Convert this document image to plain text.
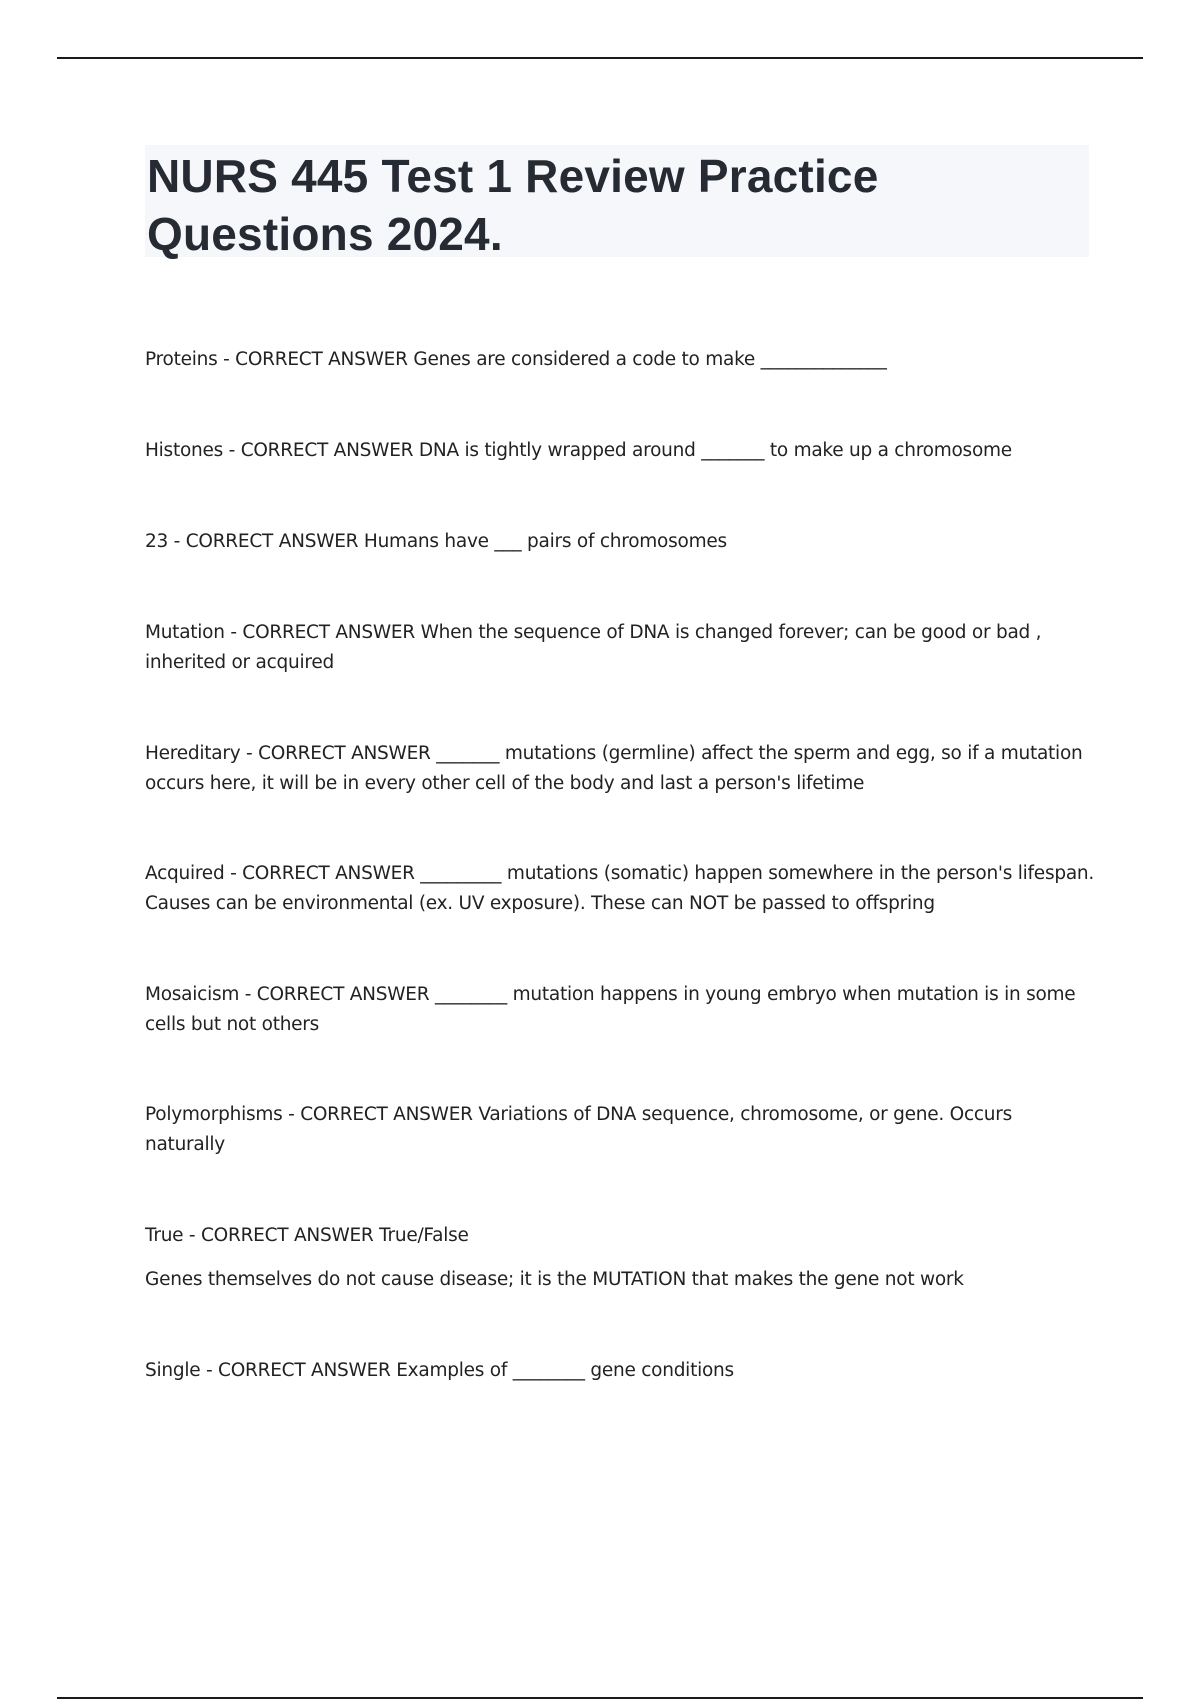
NURS 445 Test 1 Review Practice Questions 2024.

Proteins - CORRECT ANSWER Genes are considered a code to make ______________

Histones - CORRECT ANSWER DNA is tightly wrapped around _______ to make up a chromosome

23 - CORRECT ANSWER Humans have ___ pairs of chromosomes

Mutation - CORRECT ANSWER When the sequence of DNA is changed forever; can be good or bad , inherited or acquired

Hereditary - CORRECT ANSWER _______ mutations (germline) affect the sperm and egg, so if a mutation occurs here, it will be in every other cell of the body and last a person's lifetime

Acquired - CORRECT ANSWER _________ mutations (somatic) happen somewhere in the person's lifespan. Causes can be environmental (ex. UV exposure). These can NOT be passed to offspring

Mosaicism - CORRECT ANSWER ________ mutation happens in young embryo when mutation is in some cells but not others

Polymorphisms - CORRECT ANSWER Variations of DNA sequence, chromosome, or gene. Occurs naturally

True - CORRECT ANSWER True/False
Genes themselves do not cause disease; it is the MUTATION that makes the gene not work

Single - CORRECT ANSWER Examples of ________ gene conditions
